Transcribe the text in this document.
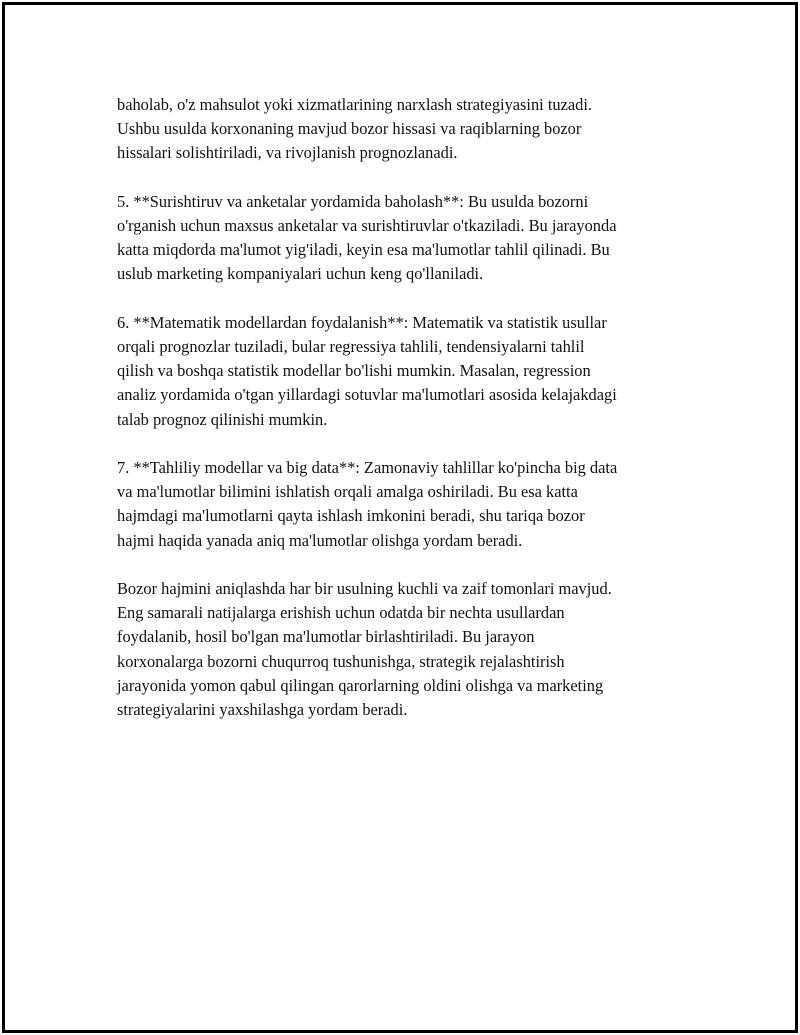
baholab, o'z mahsulot yoki xizmatlarining narxlash strategiyasini tuzadi.
Ushbu usulda korxonaning mavjud bozor hissasi va raqiblarning bozor
hissalari solishtiriladi, va rivojlanish prognozlanadi.

5. **Surishtiruv va anketalar yordamida baholash**: Bu usulda bozorni
o'rganish uchun maxsus anketalar va surishtiruvlar o'tkaziladi. Bu jarayonda
katta miqdorda ma'lumot yig'iladi, keyin esa ma'lumotlar tahlil qilinadi. Bu
uslub marketing kompaniyalari uchun keng qo'llaniladi.

6. **Matematik modellardan foydalanish**: Matematik va statistik usullar
orqali prognozlar tuziladi, bular regressiya tahlili, tendensiyalarni tahlil
qilish va boshqa statistik modellar bo'lishi mumkin. Masalan, regression
analiz yordamida o'tgan yillardagi sotuvlar ma'lumotlari asosida kelajakdagi
talab prognoz qilinishi mumkin.

7. **Tahliliy modellar va big data**: Zamonaviy tahlillar ko'pincha big data
va ma'lumotlar bilimini ishlatish orqali amalga oshiriladi. Bu esa katta
hajmdagi ma'lumotlarni qayta ishlash imkonini beradi, shu tariqa bozor
hajmi haqida yanada aniq ma'lumotlar olishga yordam beradi.

Bozor hajmini aniqlashda har bir usulning kuchli va zaif tomonlari mavjud.
Eng samarali natijalarga erishish uchun odatda bir nechta usullardan
foydalanib, hosil bo'lgan ma'lumotlar birlashtiriladi. Bu jarayon
korxonalarga bozorni chuqurroq tushunishga, strategik rejalashtirish
jarayonida yomon qabul qilingan qarorlarning oldini olishga va marketing
strategiyalarini yaxshilashga yordam beradi.
